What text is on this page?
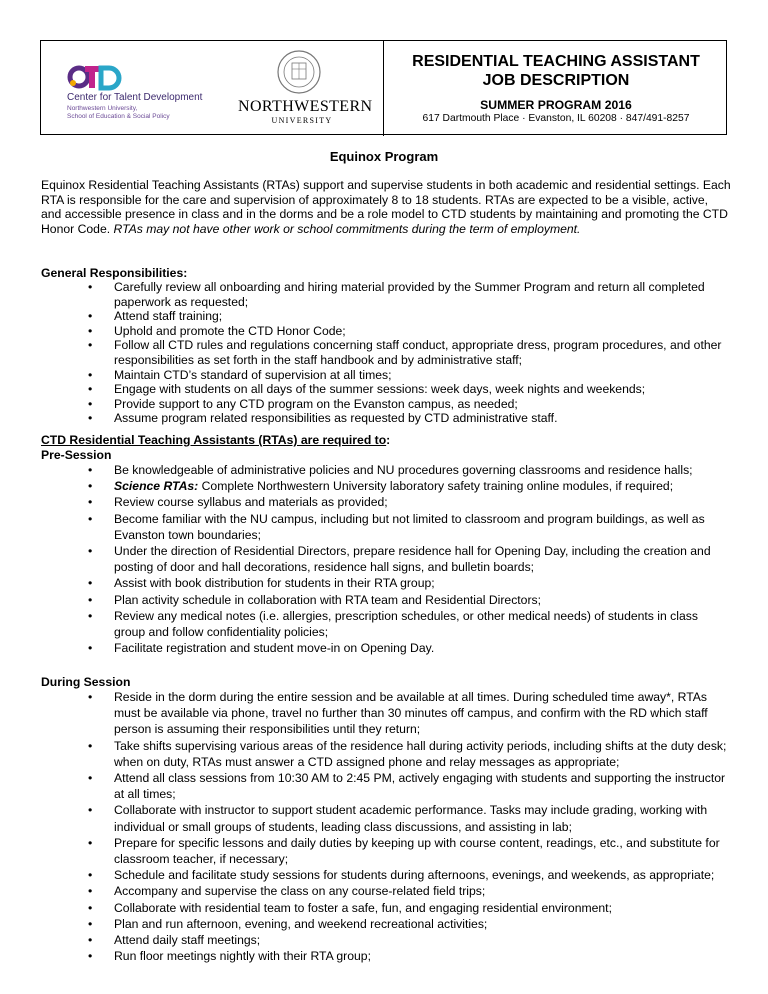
Center for Talent Development
Northwestern University,
School of Education & Social Policy
NORTHWESTERN
UNIVERSITY
RESIDENTIAL TEACHING ASSISTANT
JOB DESCRIPTION
SUMMER PROGRAM 2016
617 Dartmouth Place · Evanston, IL 60208 · 847/491-8257
Equinox Program
Equinox Residential Teaching Assistants (RTAs) support and supervise students in both academic and residential settings. Each RTA is responsible for the care and supervision of approximately 8 to 18 students. RTAs are expected to be a visible, active, and accessible presence in class and in the dorms and be a role model to CTD students by maintaining and promoting the CTD Honor Code. RTAs may not have other work or school commitments during the term of employment.
General Responsibilities:
• Carefully review all onboarding and hiring material provided by the Summer Program and return all completed paperwork as requested;
• Attend staff training;
• Uphold and promote the CTD Honor Code;
• Follow all CTD rules and regulations concerning staff conduct, appropriate dress, program procedures, and other responsibilities as set forth in the staff handbook and by administrative staff;
• Maintain CTD’s standard of supervision at all times;
• Engage with students on all days of the summer sessions: week days, week nights and weekends;
• Provide support to any CTD program on the Evanston campus, as needed;
• Assume program related responsibilities as requested by CTD administrative staff.
CTD Residential Teaching Assistants (RTAs) are required to:
Pre-Session
• Be knowledgeable of administrative policies and NU procedures governing classrooms and residence halls;
• Science RTAs: Complete Northwestern University laboratory safety training online modules, if required;
• Review course syllabus and materials as provided;
• Become familiar with the NU campus, including but not limited to classroom and program buildings, as well as Evanston town boundaries;
• Under the direction of Residential Directors, prepare residence hall for Opening Day, including the creation and posting of door and hall decorations, residence hall signs, and bulletin boards;
• Assist with book distribution for students in their RTA group;
• Plan activity schedule in collaboration with RTA team and Residential Directors;
• Review any medical notes (i.e. allergies, prescription schedules, or other medical needs) of students in class group and follow confidentiality policies;
• Facilitate registration and student move-in on Opening Day.
During Session
• Reside in the dorm during the entire session and be available at all times. During scheduled time away*, RTAs must be available via phone, travel no further than 30 minutes off campus, and confirm with the RD which staff person is assuming their responsibilities until they return;
• Take shifts supervising various areas of the residence hall during activity periods, including shifts at the duty desk; when on duty, RTAs must answer a CTD assigned phone and relay messages as appropriate;
• Attend all class sessions from 10:30 AM to 2:45 PM, actively engaging with students and supporting the instructor at all times;
• Collaborate with instructor to support student academic performance. Tasks may include grading, working with individual or small groups of students, leading class discussions, and assisting in lab;
• Prepare for specific lessons and daily duties by keeping up with course content, readings, etc., and substitute for classroom teacher, if necessary;
• Schedule and facilitate study sessions for students during afternoons, evenings, and weekends, as appropriate;
• Accompany and supervise the class on any course-related field trips;
• Collaborate with residential team to foster a safe, fun, and engaging residential environment;
• Plan and run afternoon, evening, and weekend recreational activities;
• Attend daily staff meetings;
• Run floor meetings nightly with their RTA group;
